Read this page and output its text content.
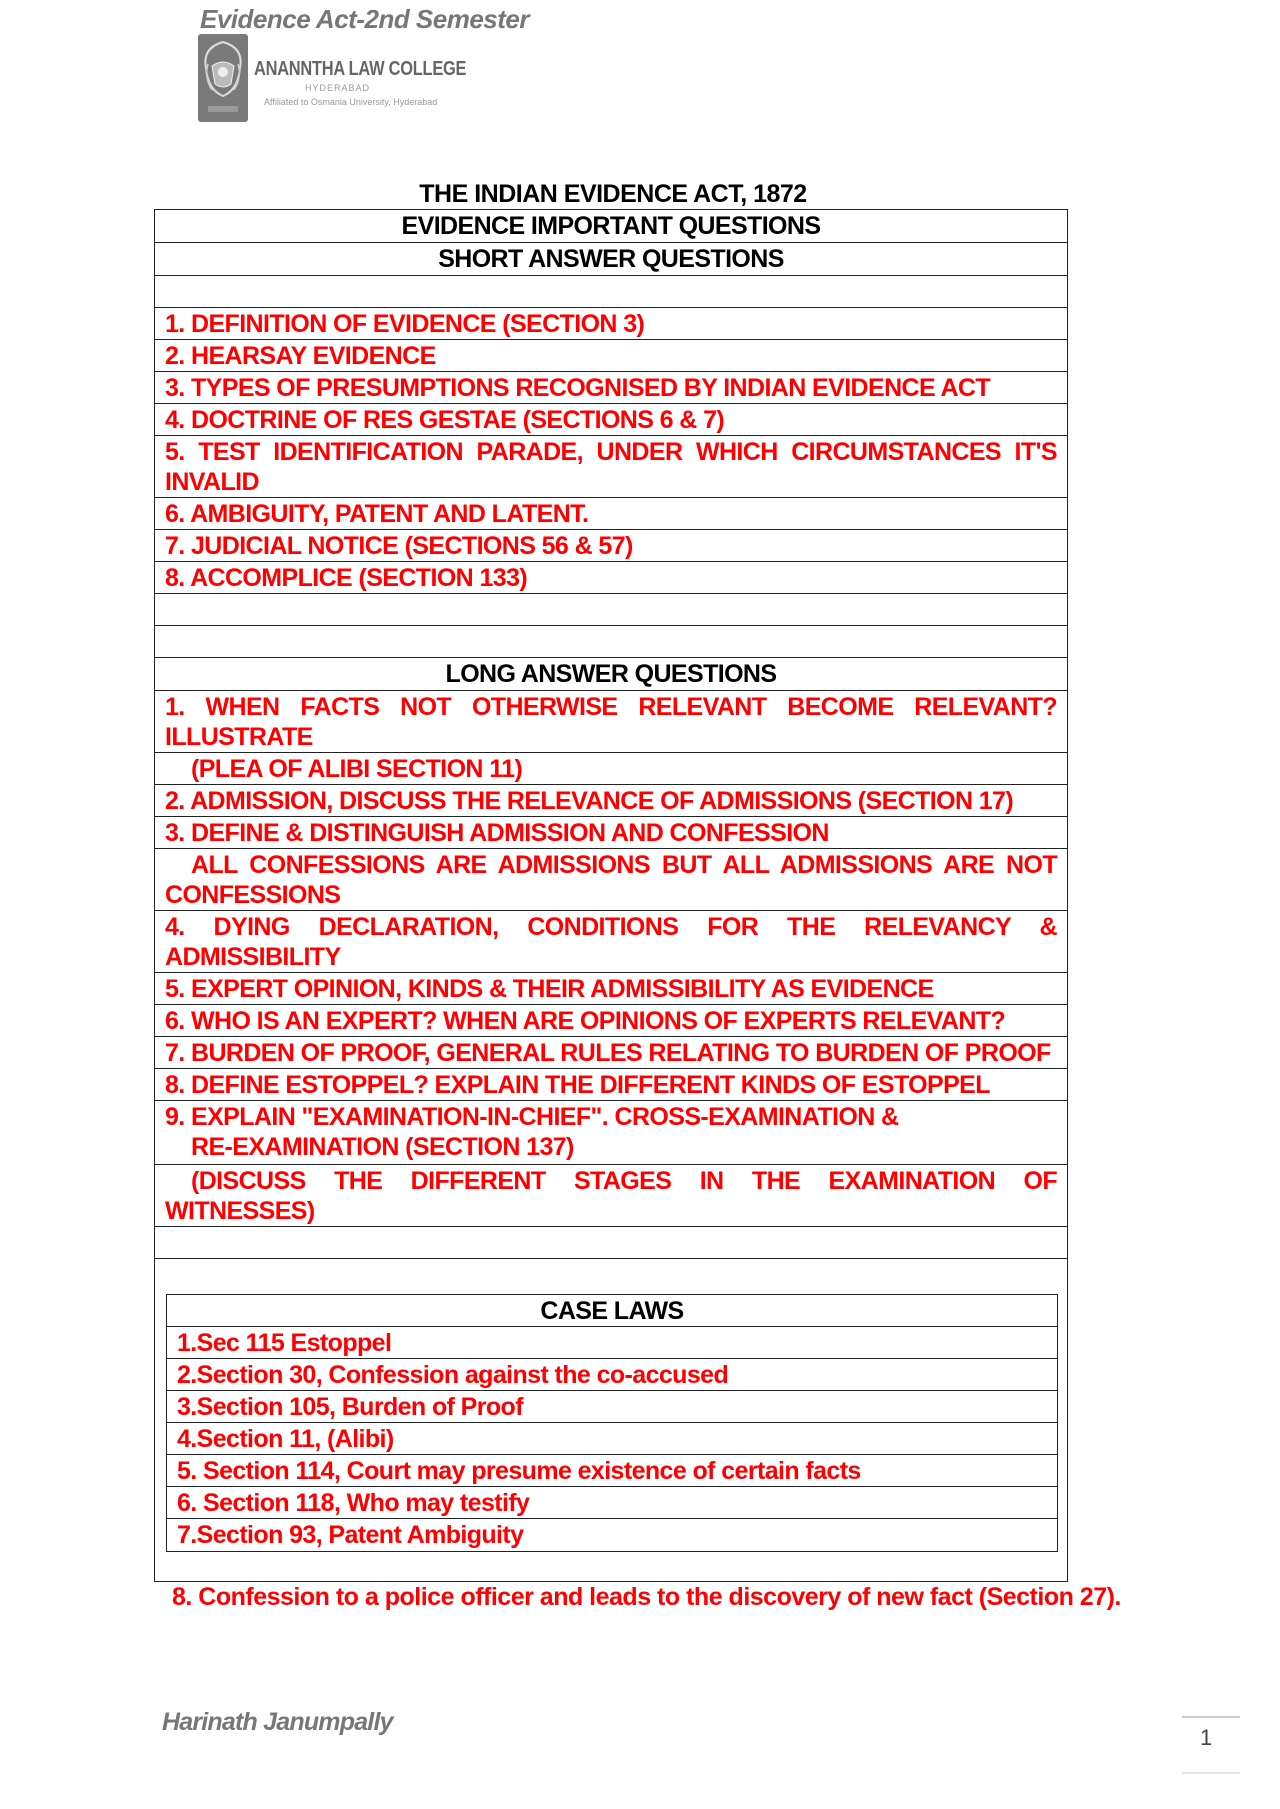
Evidence Act-2nd Semester
ANANNTHA LAW COLLEGE
HYDERABAD
Affiliated to Osmania University, Hyderabad
THE INDIAN EVIDENCE ACT, 1872
EVIDENCE IMPORTANT QUESTIONS
SHORT ANSWER QUESTIONS
1. DEFINITION OF EVIDENCE (SECTION 3)
2. HEARSAY EVIDENCE
3. TYPES OF PRESUMPTIONS RECOGNISED BY INDIAN EVIDENCE ACT
4. DOCTRINE OF RES GESTAE (SECTIONS 6 & 7)
5. TEST IDENTIFICATION PARADE, UNDER WHICH CIRCUMSTANCES IT'S INVALID
6. AMBIGUITY, PATENT AND LATENT.
7. JUDICIAL NOTICE (SECTIONS 56 & 57)
8. ACCOMPLICE (SECTION 133)
LONG ANSWER QUESTIONS
1. WHEN FACTS NOT OTHERWISE RELEVANT BECOME RELEVANT? ILLUSTRATE
(PLEA OF ALIBI SECTION 11)
2. ADMISSION, DISCUSS THE RELEVANCE OF ADMISSIONS (SECTION 17)
3. DEFINE & DISTINGUISH ADMISSION AND CONFESSION
ALL CONFESSIONS ARE ADMISSIONS BUT ALL ADMISSIONS ARE NOT CONFESSIONS
4. DYING DECLARATION, CONDITIONS FOR THE RELEVANCY & ADMISSIBILITY
5. EXPERT OPINION, KINDS & THEIR ADMISSIBILITY AS EVIDENCE
6. WHO IS AN EXPERT? WHEN ARE OPINIONS OF EXPERTS RELEVANT?
7. BURDEN OF PROOF, GENERAL RULES RELATING TO BURDEN OF PROOF
8. DEFINE ESTOPPEL? EXPLAIN THE DIFFERENT KINDS OF ESTOPPEL
9. EXPLAIN "EXAMINATION-IN-CHIEF". CROSS-EXAMINATION &
RE-EXAMINATION (SECTION 137)
(DISCUSS THE DIFFERENT STAGES IN THE EXAMINATION OF WITNESSES)
CASE LAWS
1.Sec 115 Estoppel
2.Section 30, Confession against the co-accused
3.Section 105, Burden of Proof
4.Section 11, (Alibi)
5. Section 114, Court may presume existence of certain facts
6. Section 118, Who may testify
7.Section 93, Patent Ambiguity
8. Confession to a police officer and leads to the discovery of new fact (Section 27).
Harinath Janumpally
1
